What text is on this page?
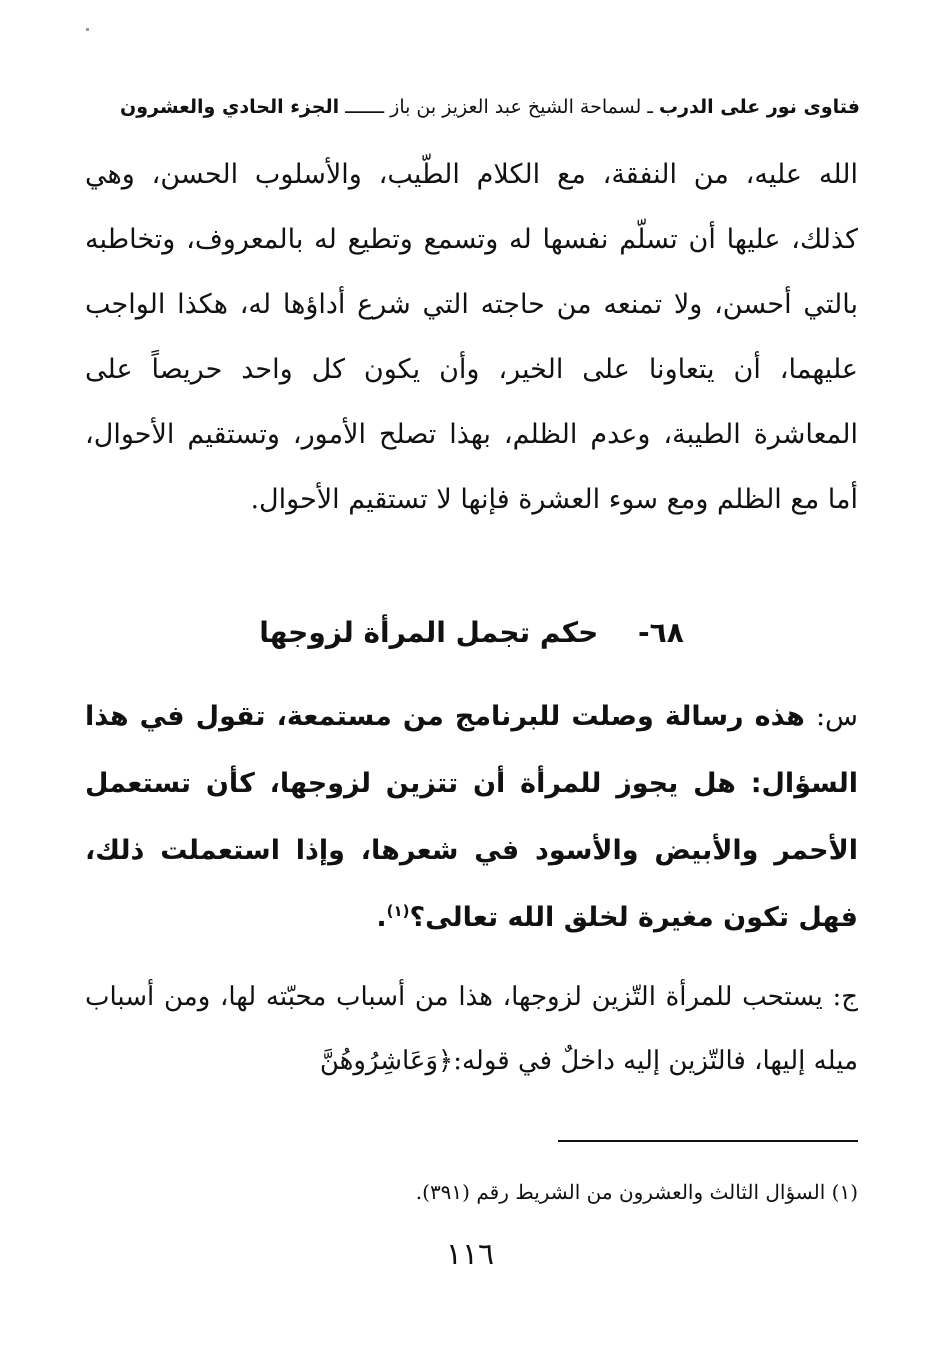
فتاوى نور على الدرب ـ لسماحة الشيخ عبد العزيز بن باز ـــــــ الجزء الحادي والعشرون
الله عليه، من النفقة، مع الكلام الطّيب، والأسلوب الحسن، وهي كذلك، عليها أن تسلّم نفسها له وتسمع وتطيع له بالمعروف، وتخاطبه بالتي أحسن، ولا تمنعه من حاجته التي شرع أداؤها له، هكذا الواجب عليهما، أن يتعاونا على الخير، وأن يكون كل واحد حريصاً على المعاشرة الطيبة، وعدم الظلم، بهذا تصلح الأمور، وتستقيم الأحوال، أما مع الظلم ومع سوء العشرة فإنها لا تستقيم الأحوال.
٦٨- حكم تجمل المرأة لزوجها
س: هذه رسالة وصلت للبرنامج من مستمعة، تقول في هذا السؤال: هل يجوز للمرأة أن تتزين لزوجها، كأن تستعمل الأحمر والأبيض والأسود في شعرها، وإذا استعملت ذلك، فهل تكون مغيرة لخلق الله تعالى؟$^{(١)}$.
ج: يستحب للمرأة التّزين لزوجها، هذا من أسباب محبّته لها، ومن أسباب ميله إليها، فالتّزين إليه داخلٌ في قوله:﴿وَعَاشِرُوهُنَّ
(١) السؤال الثالث والعشرون من الشريط رقم (٣٩١).
١١٦
